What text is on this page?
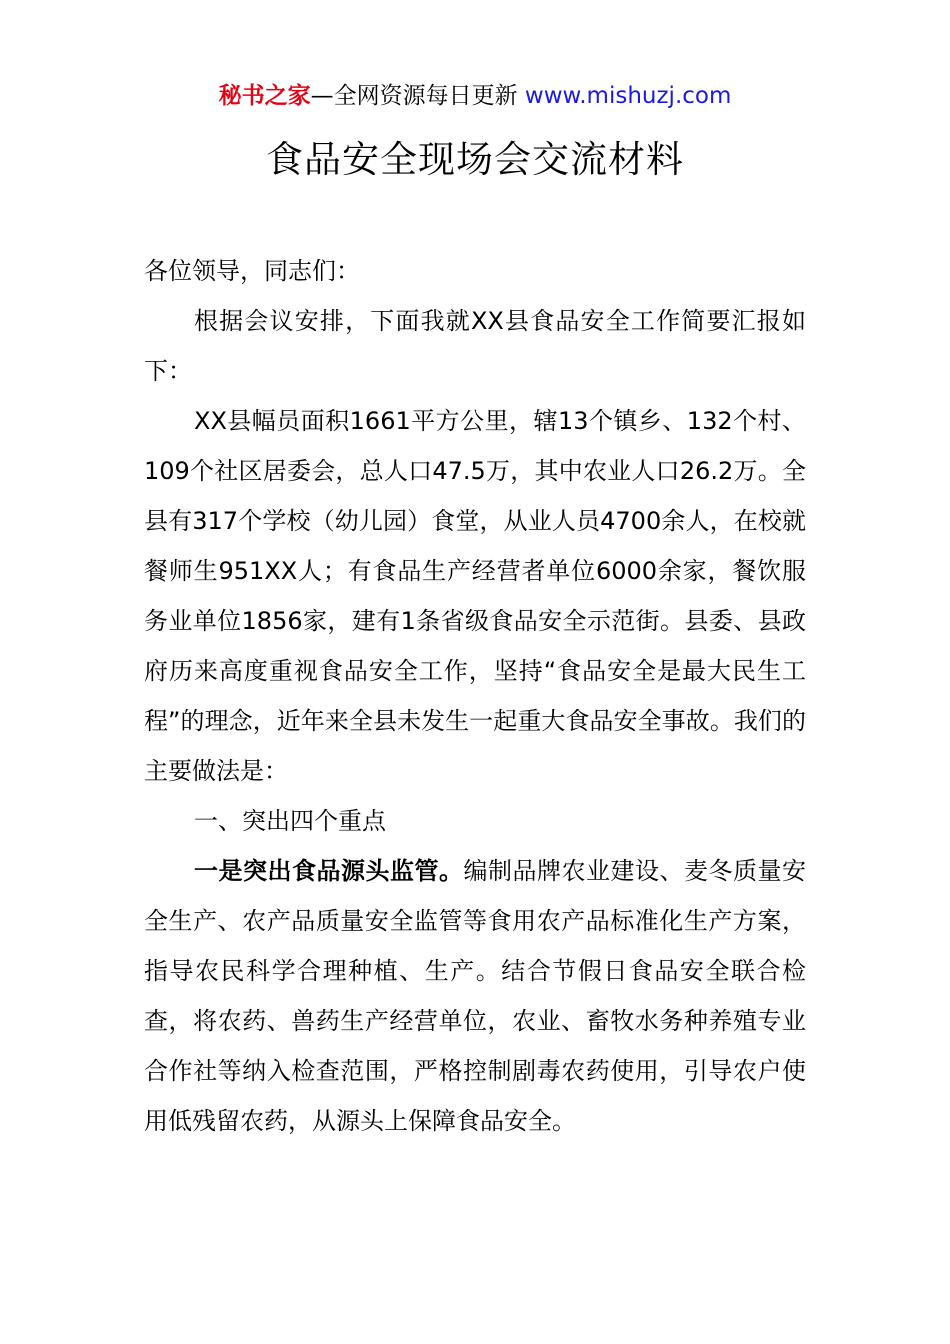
秘书之家—全网资源每日更新 www.mishuzj.com
食品安全现场会交流材料

各位领导，同志们：

根据会议安排，下面我就XX县食品安全工作简要汇报如下：

XX县幅员面积1661平方公里，辖13个镇乡、132个村、109个社区居委会，总人口47.5万，其中农业人口26.2万。全县有317个学校（幼儿园）食堂，从业人员4700余人，在校就餐师生951XX人；有食品生产经营者单位6000余家，餐饮服务业单位1856家，建有1条省级食品安全示范街。县委、县政府历来高度重视食品安全工作，坚持“食品安全是最大民生工程”的理念，近年来全县未发生一起重大食品安全事故。我们的主要做法是：

一、突出四个重点

一是突出食品源头监管。编制品牌农业建设、麦冬质量安全生产、农产品质量安全监管等食用农产品标准化生产方案，指导农民科学合理种植、生产。结合节假日食品安全联合检查，将农药、兽药生产经营单位，农业、畜牧水务种养殖专业合作社等纳入检查范围，严格控制剧毒农药使用，引导农户使用低残留农药，从源头上保障食品安全。
